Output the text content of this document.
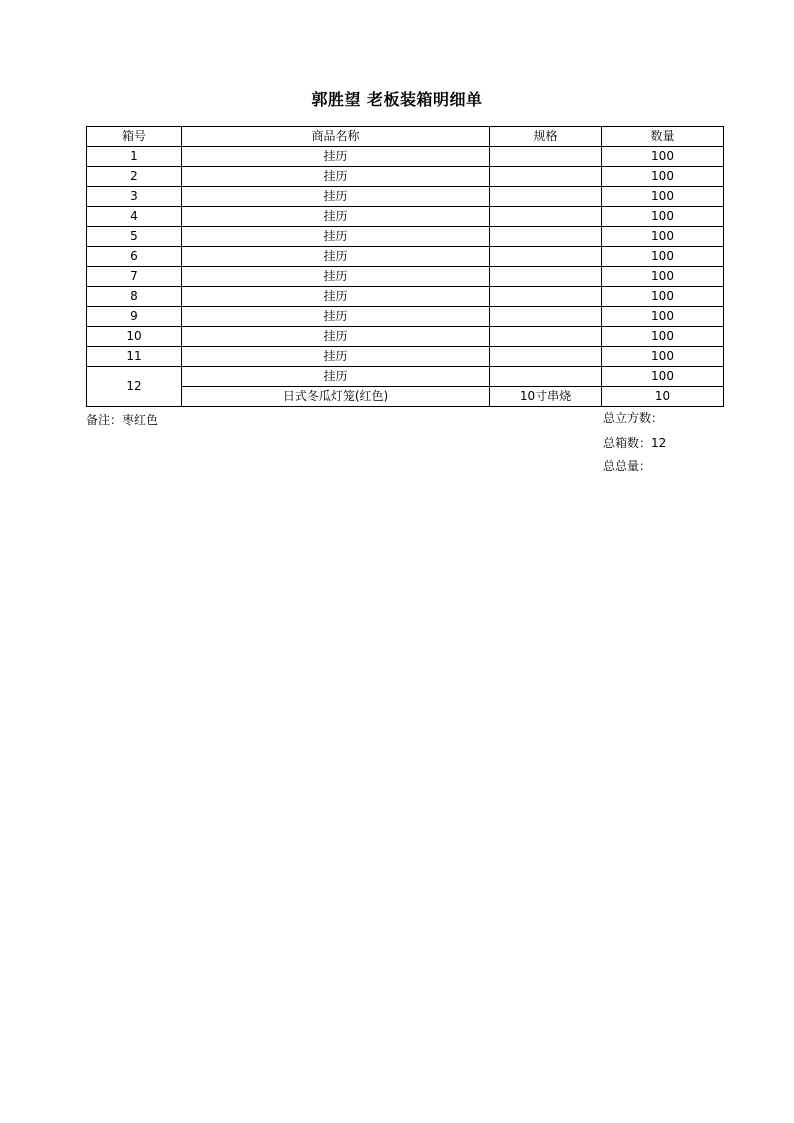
郭胜望 老板装箱明细单
箱号	商品名称	规格	数量
1	挂历		100
2	挂历		100
3	挂历		100
4	挂历		100
5	挂历		100
6	挂历		100
7	挂历		100
8	挂历		100
9	挂历		100
10	挂历		100
11	挂历		100
12	挂历		100
	日式冬瓜灯笼(红色)	10寸串烧	10
备注：枣红色	总立方数：
总箱数：12
总总量：
